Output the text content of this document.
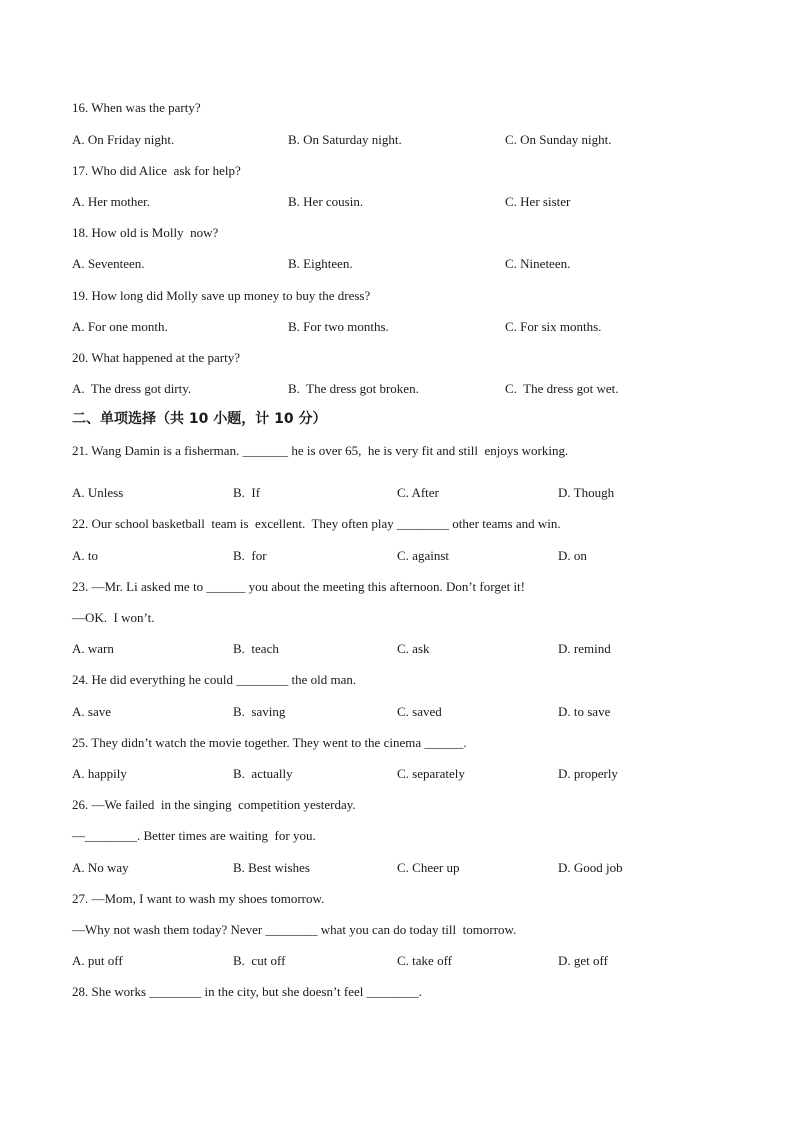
16. When was the party?
A. On Friday night.	B. On Saturday night.	C. On Sunday night.
17. Who did Alice  ask for help?
A. Her mother.	B. Her cousin.	C. Her sister
18. How old is Molly  now?
A. Seventeen.	B. Eighteen.	C. Nineteen.
19. How long did Molly save up money to buy the dress?
A. For one month.	B. For two months.	C. For six months.
20. What happened at the party?
A.  The dress got dirty.	B.  The dress got broken.	C.  The dress got wet.
二、单项选择（共 10 小题，计 10 分）
21. Wang Damin is a fisherman. _______ he is over 65,  he is very fit and still  enjoys working.
A. Unless	B.  If	C. After	D. Though
22. Our school basketball  team is  excellent.  They often play ________ other teams and win.
A. to	B.  for	C. against	D. on
23. —Mr. Li asked me to ______ you about the meeting this afternoon. Don’t forget it!
—OK.  I won’t.
A. warn	B.  teach	C. ask	D. remind
24. He did everything he could ________ the old man.
A. save	B.  saving	C. saved	D. to save
25. They didn’t watch the movie together. They went to the cinema ______.
A. happily	B.  actually	C. separately	D. properly
26. —We failed  in the singing  competition yesterday.
—________. Better times are waiting  for you.
A. No way	B. Best wishes	C. Cheer up	D. Good job
27. —Mom, I want to wash my shoes tomorrow.
—Why not wash them today? Never ________ what you can do today till  tomorrow.
A. put off	B.  cut off	C. take off	D. get off
28. She works ________ in the city, but she doesn’t feel ________.
